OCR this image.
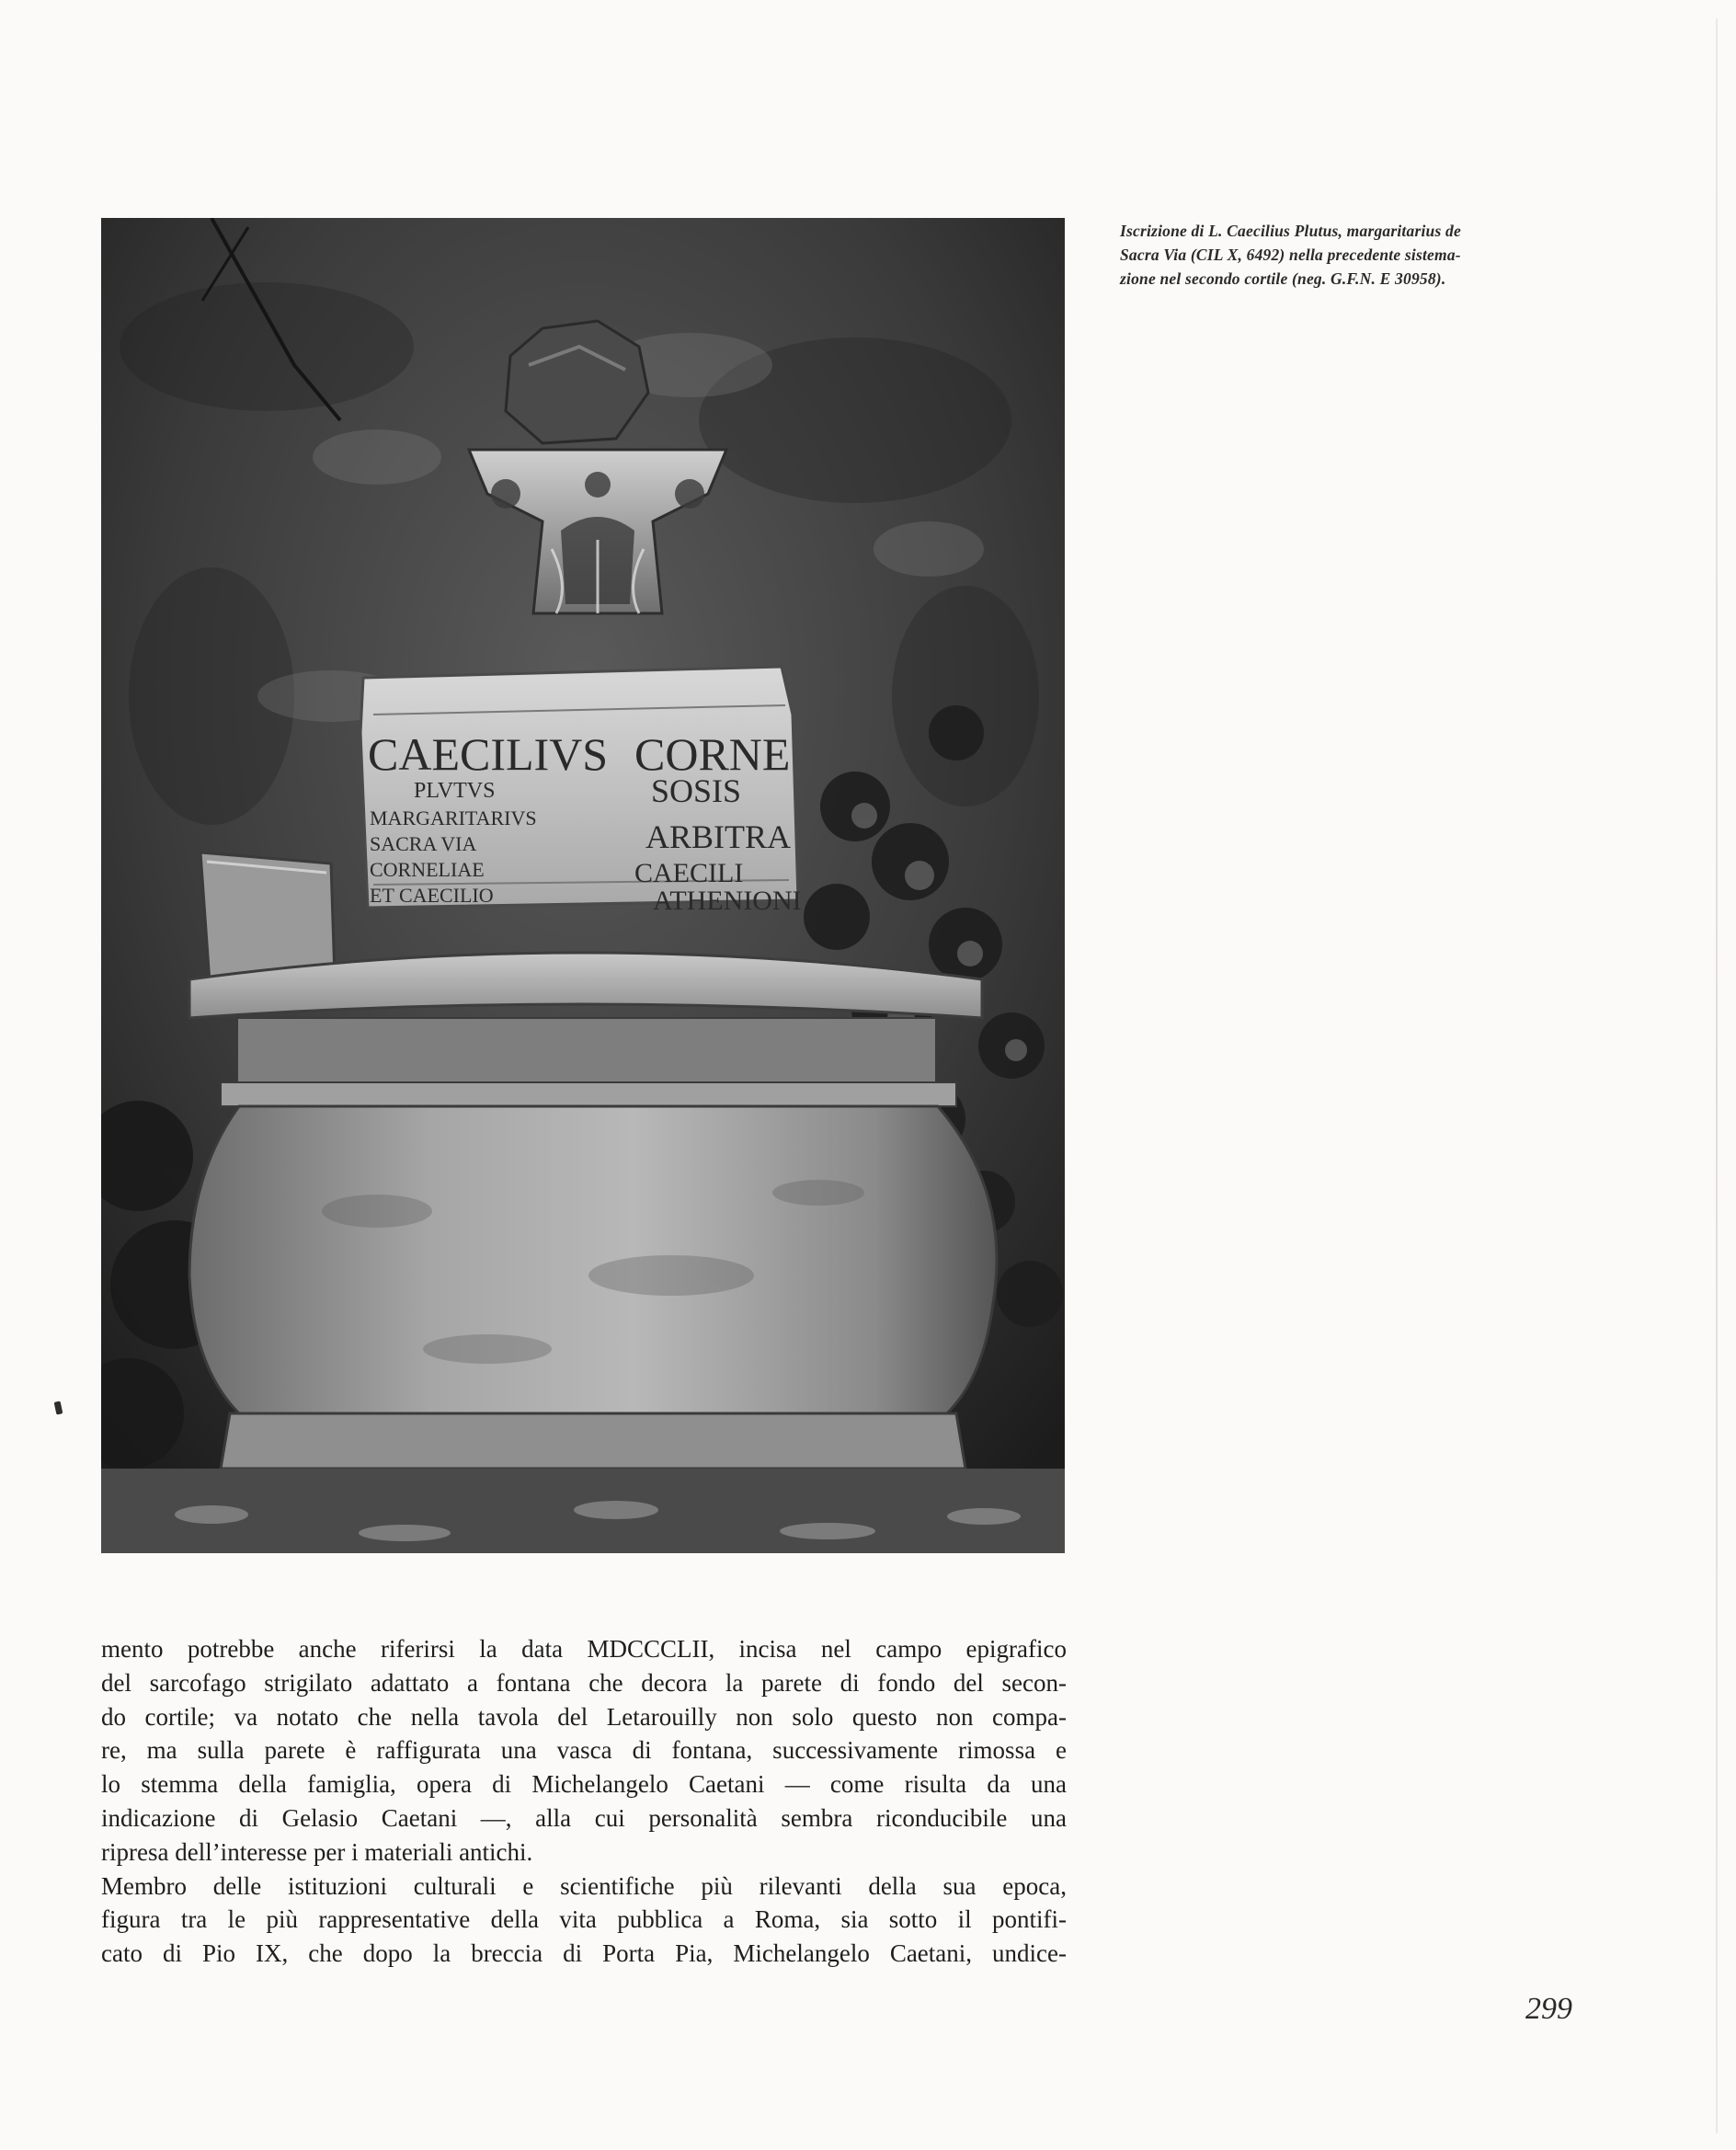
CAECILIVS CORNE
PLVTVS	SOSIS
MARGARITARIVS
SACRA VIA	ARBITRA
CORNELIAE	CAECILI
ET CAECILIO	ATHENIONI
Iscrizione di L. Caecilius Plutus, margaritarius de
Sacra Via (CIL X, 6492) nella precedente sistema-
zione nel secondo cortile (neg. G.F.N. E 30958).
mento potrebbe anche riferirsi la data MDCCCLII, incisa nel campo epigrafico
del sarcofago strigilato adattato a fontana che decora la parete di fondo del secon-
do cortile; va notato che nella tavola del Letarouilly non solo questo non compa-
re, ma sulla parete è raffigurata una vasca di fontana, successivamente rimossa e
lo stemma della famiglia, opera di Michelangelo Caetani — come risulta da una
indicazione di Gelasio Caetani —, alla cui personalità sembra riconducibile una
ripresa dell’interesse per i materiali antichi.
Membro delle istituzioni culturali e scientifiche più rilevanti della sua epoca,
figura tra le più rappresentative della vita pubblica a Roma, sia sotto il pontifi-
cato di Pio IX, che dopo la breccia di Porta Pia, Michelangelo Caetani, undice-
299
